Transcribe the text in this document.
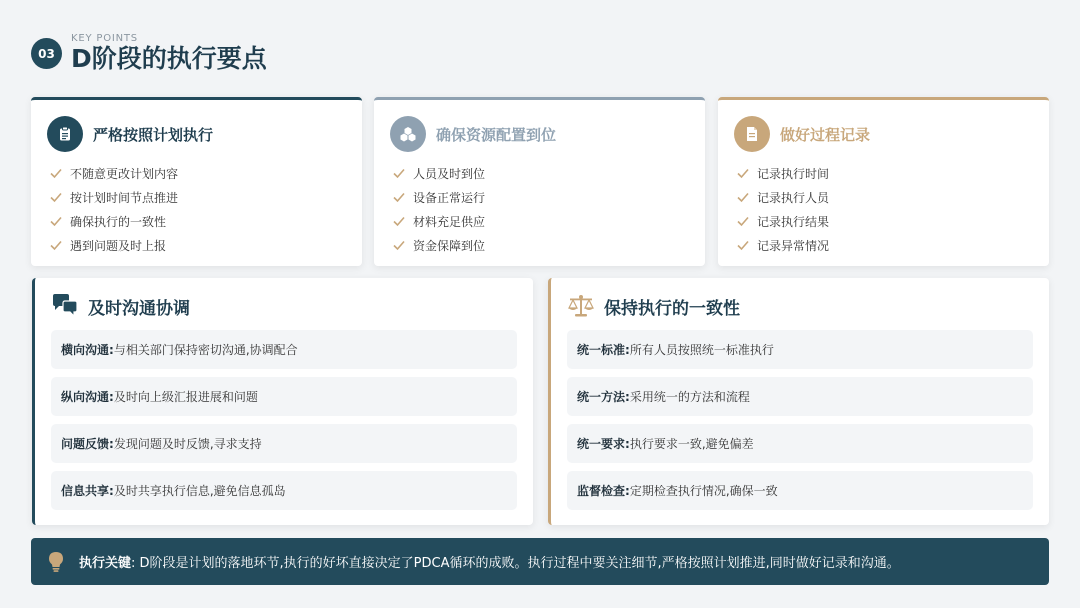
03
KEY POINTS
D阶段的执行要点
严格按照计划执行
不随意更改计划内容
按计划时间节点推进
确保执行的一致性
遇到问题及时上报
确保资源配置到位
人员及时到位
设备正常运行
材料充足供应
资金保障到位
做好过程记录
记录执行时间
记录执行人员
记录执行结果
记录异常情况
及时沟通协调
横向沟通: 与相关部门保持密切沟通,协调配合
纵向沟通: 及时向上级汇报进展和问题
问题反馈: 发现问题及时反馈,寻求支持
信息共享: 及时共享执行信息,避免信息孤岛
保持执行的一致性
统一标准: 所有人员按照统一标准执行
统一方法: 采用统一的方法和流程
统一要求: 执行要求一致,避免偏差
监督检查: 定期检查执行情况,确保一致
执行关键 : D阶段是计划的落地环节,执行的好坏直接决定了PDCA循环的成败。执行过程中要关注细节,严格按照计划推进,同时做好记录和沟通。
